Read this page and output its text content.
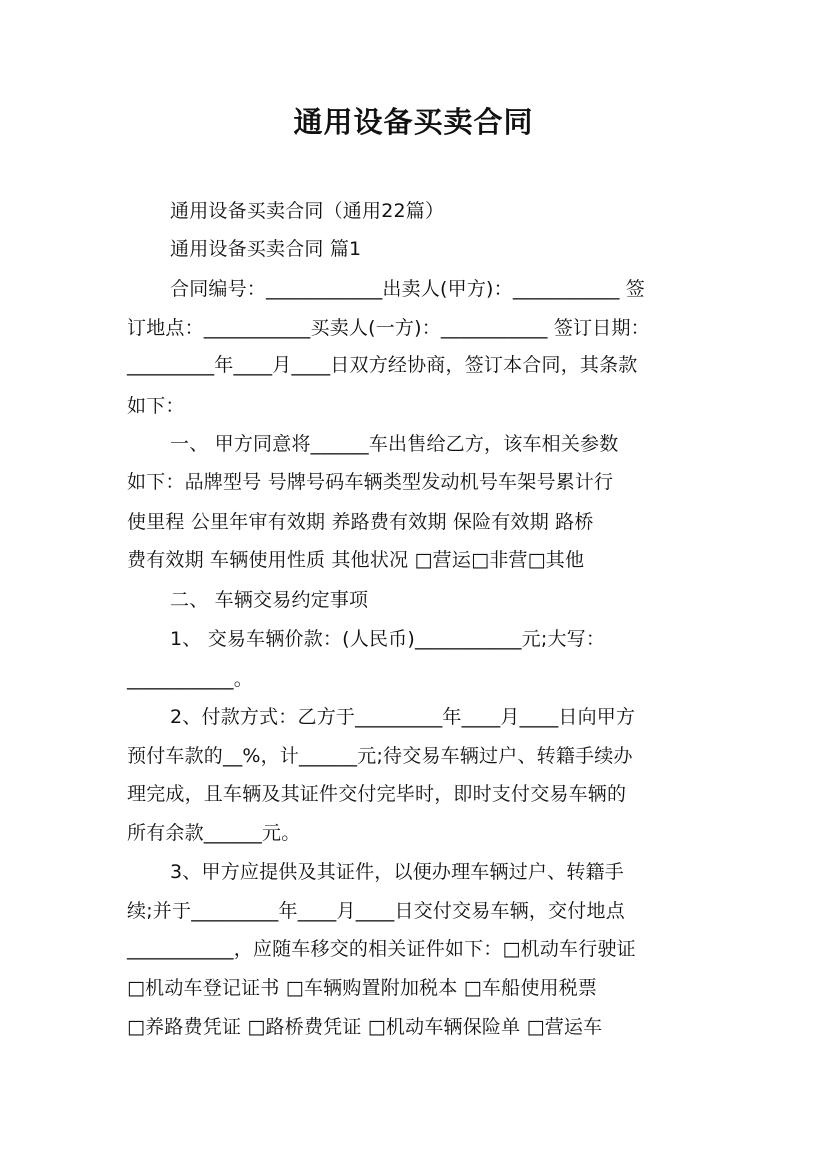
通用设备买卖合同
通用设备买卖合同（通用22篇）
通用设备买卖合同 篇1
合同编号：____________出卖人(甲方)：___________ 签
订地点：___________买卖人(一方)：___________ 签订日期：
_________年____月____日双方经协商，签订本合同，其条款
如下：
一、 甲方同意将______车出售给乙方，该车相关参数
如下：品牌型号 号牌号码车辆类型发动机号车架号累计行
使里程 公里年审有效期 养路费有效期 保险有效期 路桥
费有效期 车辆使用性质 其他状况 □营运□非营□其他
二、 车辆交易约定事项
1、 交易车辆价款：(人民币)___________元;大写：
___________。
2、付款方式：乙方于_________年____月____日向甲方
预付车款的__%，计______元;待交易车辆过户、转籍手续办
理完成，且车辆及其证件交付完毕时，即时支付交易车辆的
所有余款______元。
3、甲方应提供及其证件，以便办理车辆过户、转籍手
续;并于_________年____月____日交付交易车辆，交付地点
___________，应随车移交的相关证件如下：□机动车行驶证
□机动车登记证书 □车辆购置附加税本 □车船使用税票
□养路费凭证 □路桥费凭证 □机动车辆保险单 □营运车
